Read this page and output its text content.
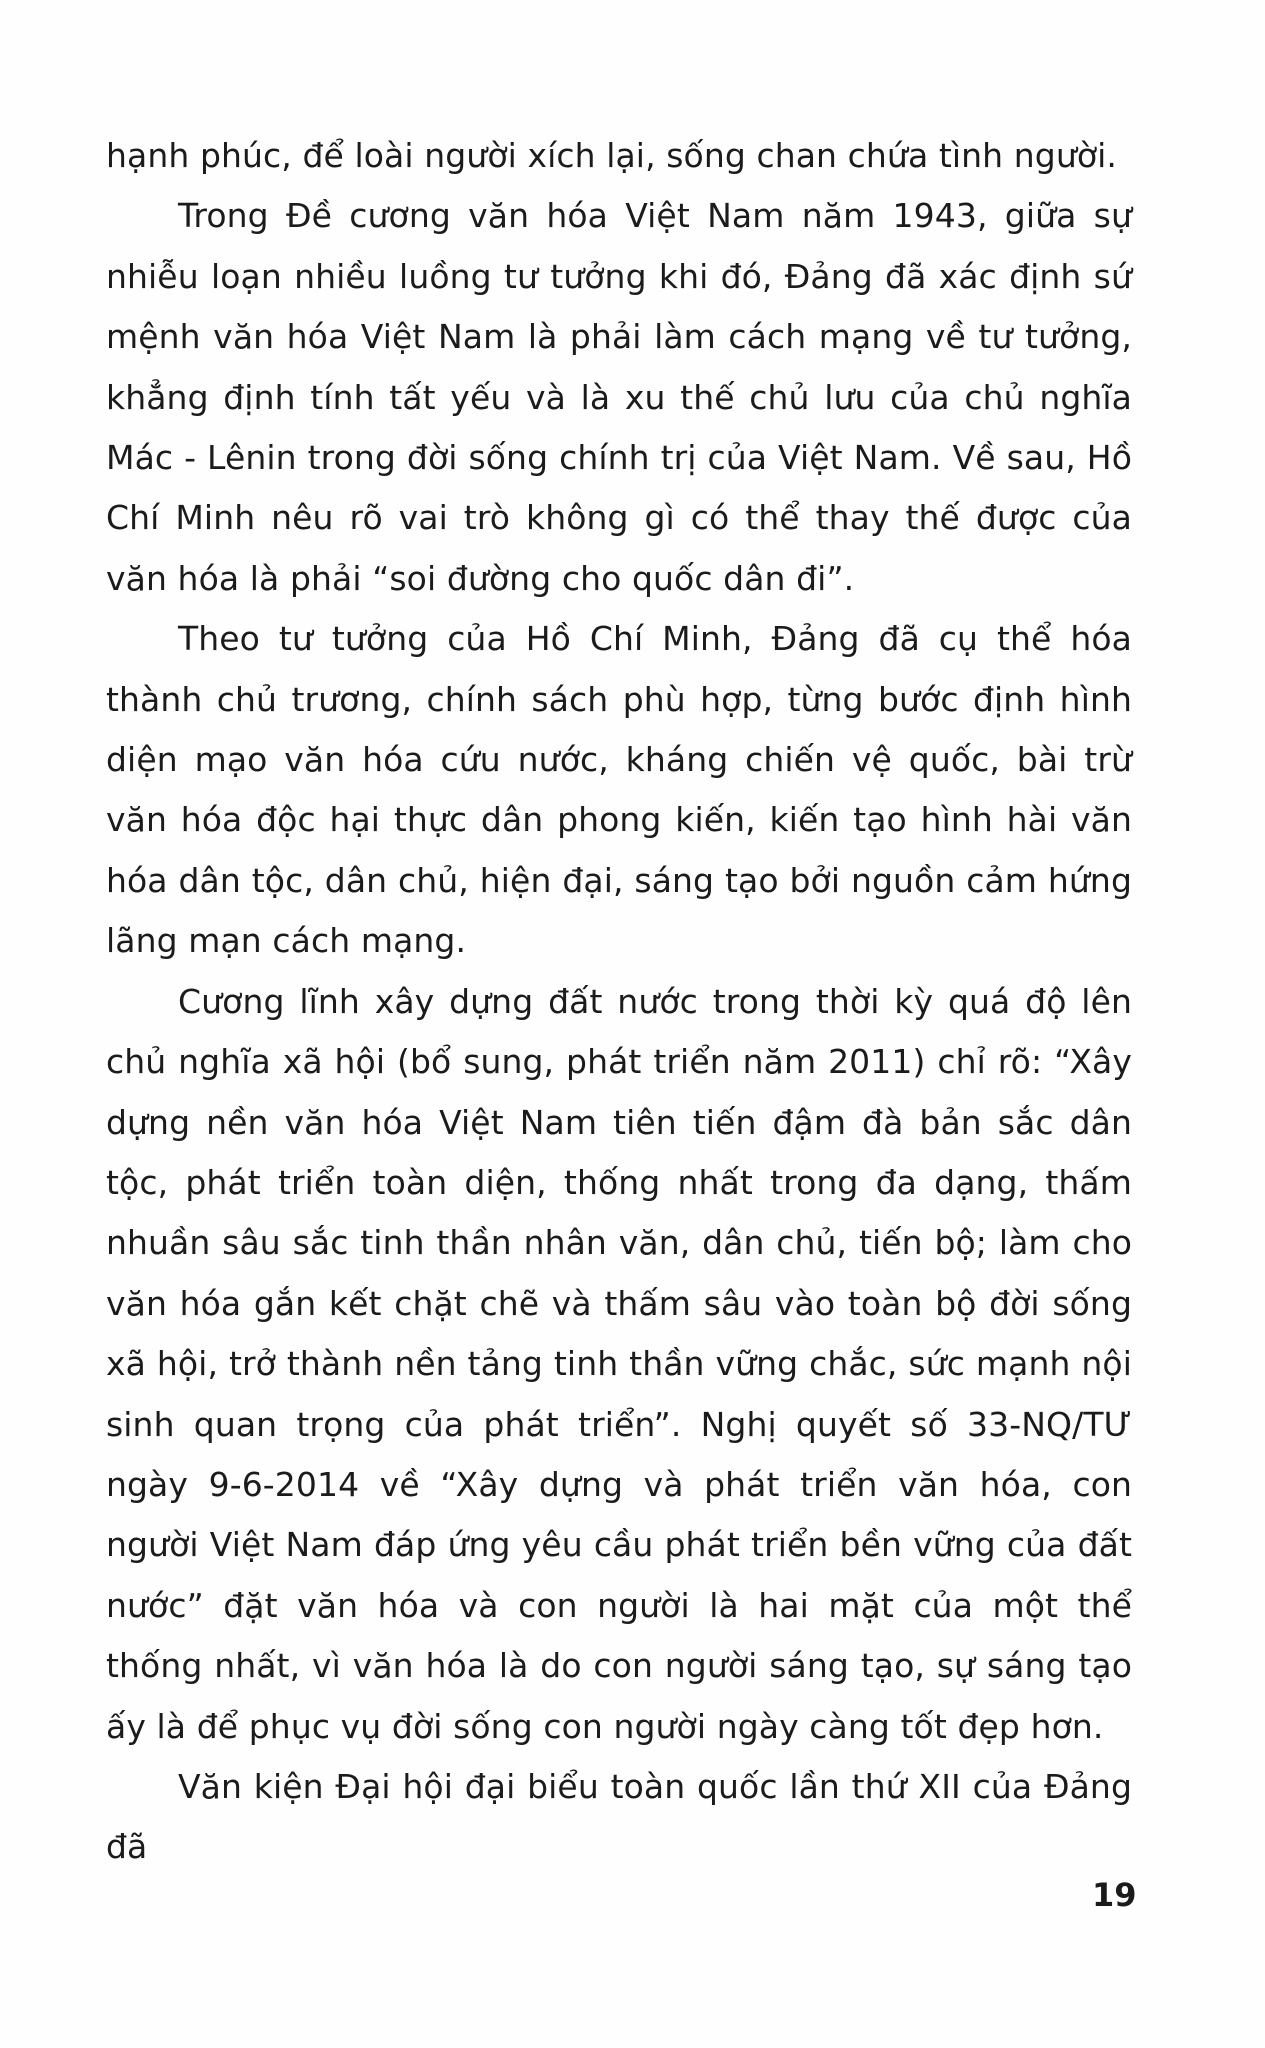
hạnh phúc, để loài người xích lại, sống chan chứa tình người.

Trong Đề cương văn hóa Việt Nam năm 1943, giữa sự nhiễu loạn nhiều luồng tư tưởng khi đó, Đảng đã xác định sứ mệnh văn hóa Việt Nam là phải làm cách mạng về tư tưởng, khẳng định tính tất yếu và là xu thế chủ lưu của chủ nghĩa Mác - Lênin trong đời sống chính trị của Việt Nam. Về sau, Hồ Chí Minh nêu rõ vai trò không gì có thể thay thế được của văn hóa là phải “soi đường cho quốc dân đi”.

Theo tư tưởng của Hồ Chí Minh, Đảng đã cụ thể hóa thành chủ trương, chính sách phù hợp, từng bước định hình diện mạo văn hóa cứu nước, kháng chiến vệ quốc, bài trừ văn hóa độc hại thực dân phong kiến, kiến tạo hình hài văn hóa dân tộc, dân chủ, hiện đại, sáng tạo bởi nguồn cảm hứng lãng mạn cách mạng.

Cương lĩnh xây dựng đất nước trong thời kỳ quá độ lên chủ nghĩa xã hội (bổ sung, phát triển năm 2011) chỉ rõ: “Xây dựng nền văn hóa Việt Nam tiên tiến đậm đà bản sắc dân tộc, phát triển toàn diện, thống nhất trong đa dạng, thấm nhuần sâu sắc tinh thần nhân văn, dân chủ, tiến bộ; làm cho văn hóa gắn kết chặt chẽ và thấm sâu vào toàn bộ đời sống xã hội, trở thành nền tảng tinh thần vững chắc, sức mạnh nội sinh quan trọng của phát triển”. Nghị quyết số 33-NQ/TƯ ngày 9-6-2014 về “Xây dựng và phát triển văn hóa, con người Việt Nam đáp ứng yêu cầu phát triển bền vững của đất nước” đặt văn hóa và con người là hai mặt của một thể thống nhất, vì văn hóa là do con người sáng tạo, sự sáng tạo ấy là để phục vụ đời sống con người ngày càng tốt đẹp hơn.

Văn kiện Đại hội đại biểu toàn quốc lần thứ XII của Đảng đã

19
